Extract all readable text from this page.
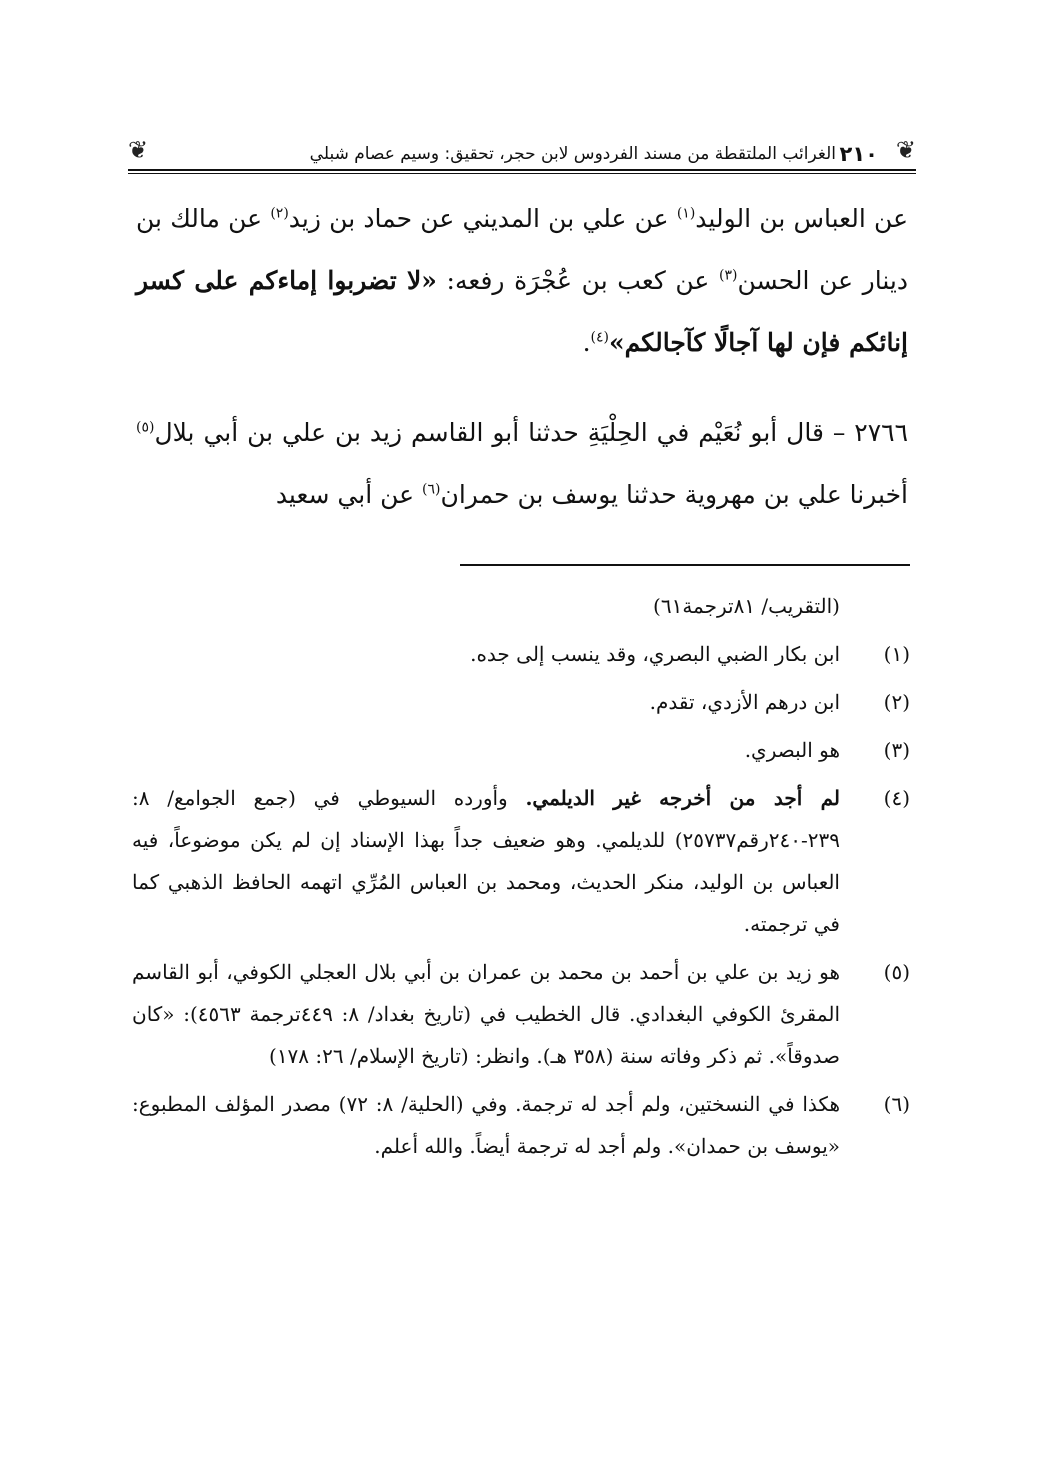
❦
٢١٠
الغرائب الملتقطة من مسند الفردوس لابن حجر، تحقيق: وسيم عصام شبلي
❦

عن العباس بن الوليد$^{(١)}$ عن علي بن المديني عن حماد بن زيد$^{(٢)}$ عن مالك بن دينار عن الحسن$^{(٣)}$ عن كعب بن عُجْرَة رفعه: «لا تضربوا إماءكم على كسر إنائكم فإن لها آجالًا كآجالكم»$^{(٤)}$.

٢٧٦٦ – قال أبو نُعَيْم في الحِلْيَةِ حدثنا أبو القاسم زيد بن علي بن أبي بلال$^{(٥)}$ أخبرنا علي بن مهروية حدثنا يوسف بن حمران$^{(٦)}$ عن أبي سعيد

(التقريب/ ٨١ترجمة٦١)
(١)
ابن بكار الضبي البصري، وقد ينسب إلى جده.
(٢)
ابن درهم الأزدي، تقدم.
(٣)
هو البصري.
(٤)
لم أجد من أخرجه غير الديلمي. وأورده السيوطي في (جمع الجوامع/ ٨: ٢٣٩-٢٤٠رقم٢٥٧٣٧) للديلمي. وهو ضعيف جداً بهذا الإسناد إن لم يكن موضوعاً، فيه العباس بن الوليد، منكر الحديث، ومحمد بن العباس المُرِّي اتهمه الحافظ الذهبي كما في ترجمته.
(٥)
هو زيد بن علي بن أحمد بن محمد بن عمران بن أبي بلال العجلي الكوفي، أبو القاسم المقرئ الكوفي البغدادي. قال الخطيب في (تاريخ بغداد/ ٨: ٤٤٩ترجمة ٤٥٦٣): «كان صدوقاً». ثم ذكر وفاته سنة (٣٥٨ هـ). وانظر: (تاريخ الإسلام/ ٢٦: ١٧٨)
(٦)
هكذا في النسختين، ولم أجد له ترجمة. وفي (الحلية/ ٨: ٧٢) مصدر المؤلف المطبوع: «يوسف بن حمدان». ولم أجد له ترجمة أيضاً. والله أعلم.
